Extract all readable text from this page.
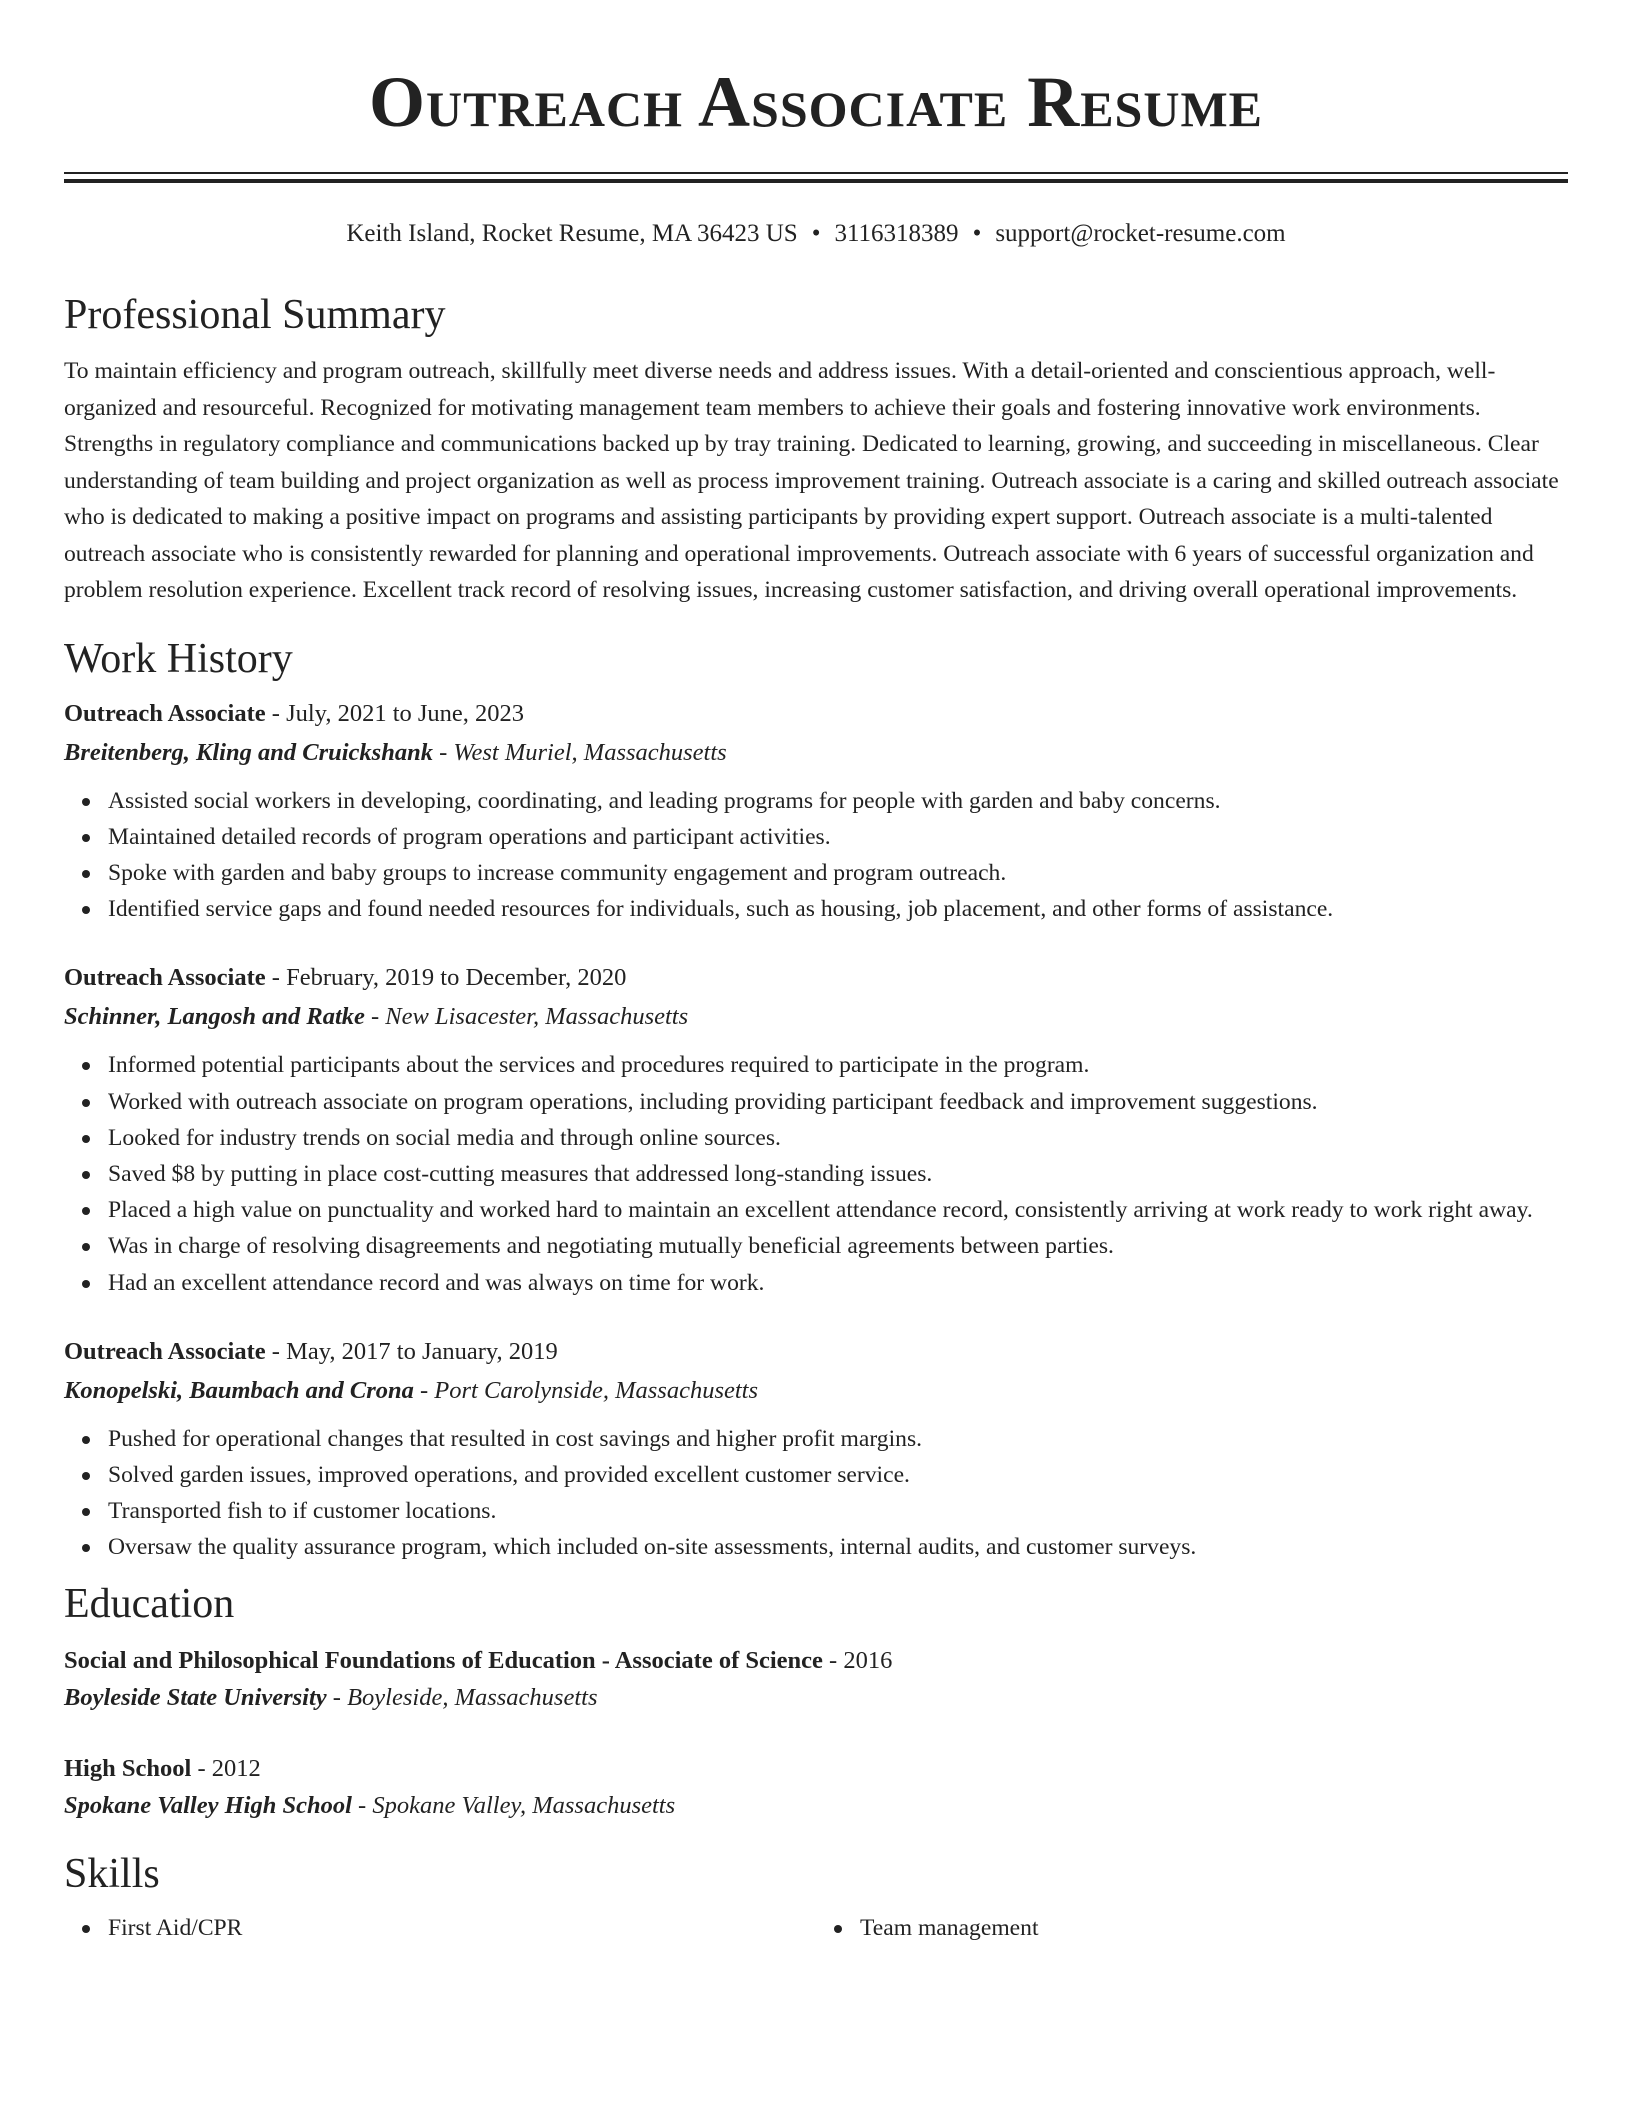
Outreach Associate Resume
Keith Island, Rocket Resume, MA 36423 US • 3116318389 • support@rocket-resume.com
Professional Summary

To maintain efficiency and program outreach, skillfully meet diverse needs and address issues. With a detail-oriented and conscientious approach, well-organized and resourceful. Recognized for motivating management team members to achieve their goals and fostering innovative work environments. Strengths in regulatory compliance and communications backed up by tray training. Dedicated to learning, growing, and succeeding in miscellaneous. Clear understanding of team building and project organization as well as process improvement training. Outreach associate is a caring and skilled outreach associate who is dedicated to making a positive impact on programs and assisting participants by providing expert support. Outreach associate is a multi-talented outreach associate who is consistently rewarded for planning and operational improvements. Outreach associate with 6 years of successful organization and problem resolution experience. Excellent track record of resolving issues, increasing customer satisfaction, and driving overall operational improvements.

Work History
Outreach Associate - July, 2021 to June, 2023
Breitenberg, Kling and Cruickshank - West Muriel, Massachusetts
Assisted social workers in developing, coordinating, and leading programs for people with garden and baby concerns.
Maintained detailed records of program operations and participant activities.
Spoke with garden and baby groups to increase community engagement and program outreach.
Identified service gaps and found needed resources for individuals, such as housing, job placement, and other forms of assistance.
Outreach Associate - February, 2019 to December, 2020
Schinner, Langosh and Ratke - New Lisacester, Massachusetts
Informed potential participants about the services and procedures required to participate in the program.
Worked with outreach associate on program operations, including providing participant feedback and improvement suggestions.
Looked for industry trends on social media and through online sources.
Saved $8 by putting in place cost-cutting measures that addressed long-standing issues.
Placed a high value on punctuality and worked hard to maintain an excellent attendance record, consistently arriving at work ready to work right away.
Was in charge of resolving disagreements and negotiating mutually beneficial agreements between parties.
Had an excellent attendance record and was always on time for work.
Outreach Associate - May, 2017 to January, 2019
Konopelski, Baumbach and Crona - Port Carolynside, Massachusetts
Pushed for operational changes that resulted in cost savings and higher profit margins.
Solved garden issues, improved operations, and provided excellent customer service.
Transported fish to if customer locations.
Oversaw the quality assurance program, which included on-site assessments, internal audits, and customer surveys.
Education
Social and Philosophical Foundations of Education - Associate of Science - 2016
Boyleside State University - Boyleside, Massachusetts
High School - 2012
Spokane Valley High School - Spokane Valley, Massachusetts
Skills
First Aid/CPR	Team management
